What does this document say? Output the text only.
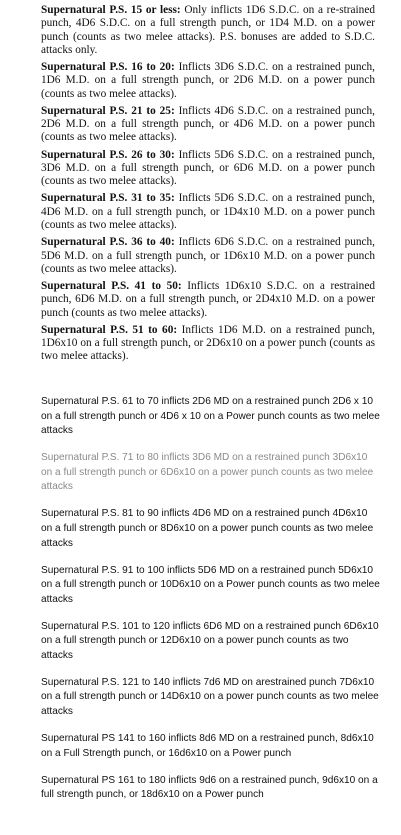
Supernatural P.S. 15 or less: Only inflicts 1D6 S.D.C. on a re-strained punch, 4D6 S.D.C. on a full strength punch, or 1D4 M.D. on a power punch (counts as two melee attacks). P.S. bonuses are added to S.D.C. attacks only.

Supernatural P.S. 16 to 20: Inflicts 3D6 S.D.C. on a restrained punch, 1D6 M.D. on a full strength punch, or 2D6 M.D. on a power punch (counts as two melee attacks).

Supernatural P.S. 21 to 25: Inflicts 4D6 S.D.C. on a restrained punch, 2D6 M.D. on a full strength punch, or 4D6 M.D. on a power punch (counts as two melee attacks).

Supernatural P.S. 26 to 30: Inflicts 5D6 S.D.C. on a restrained punch, 3D6 M.D. on a full strength punch, or 6D6 M.D. on a power punch (counts as two melee attacks).

Supernatural P.S. 31 to 35: Inflicts 5D6 S.D.C. on a restrained punch, 4D6 M.D. on a full strength punch, or 1D4x10 M.D. on a power punch (counts as two melee attacks).

Supernatural P.S. 36 to 40: Inflicts 6D6 S.D.C. on a restrained punch, 5D6 M.D. on a full strength punch, or 1D6x10 M.D. on a power punch (counts as two melee attacks).

Supernatural P.S. 41 to 50: Inflicts 1D6x10 S.D.C. on a restrained punch, 6D6 M.D. on a full strength punch, or 2D4x10 M.D. on a power punch (counts as two melee attacks).

Supernatural P.S. 51 to 60: Inflicts 1D6 M.D. on a restrained punch, 1D6x10 on a full strength punch, or 2D6x10 on a power punch (counts as two melee attacks).

Supernatural P.S. 61 to 70 inflicts 2D6 MD on a restrained punch 2D6 x 10 on a full strength punch or 4D6 x 10 on a Power punch counts as two melee attacks

Supernatural P.S. 71 to 80 inflicts 3D6 MD on a restrained punch 3D6x10 on a full strength punch or 6D6x10 on a power punch counts as two melee attacks

Supernatural P.S. 81 to 90 inflicts 4D6 MD on a restrained punch 4D6x10 on a full strength punch or 8D6x10 on a power punch counts as two melee attacks

Supernatural P.S. 91 to 100 inflicts 5D6 MD on a restrained punch 5D6x10 on a full strength punch or 10D6x10 on a Power punch counts as two melee attacks

Supernatural P.S. 101 to 120 inflicts 6D6 MD on a restrained punch 6D6x10 on a full strength punch or 12D6x10 on a power punch counts as two attacks

Supernatural P.S. 121 to 140 inflicts 7d6 MD on arestrained punch 7D6x10 on a full strength punch or 14D6x10 on a power punch counts as two melee attacks

Supernatural PS 141 to 160 inflicts 8d6 MD on a restrained punch, 8d6x10 on a Full Strength punch, or 16d6x10 on a Power punch

Supernatural PS 161 to 180 inflicts 9d6 on a restrained punch, 9d6x10 on a full strength punch, or 18d6x10 on a Power punch
